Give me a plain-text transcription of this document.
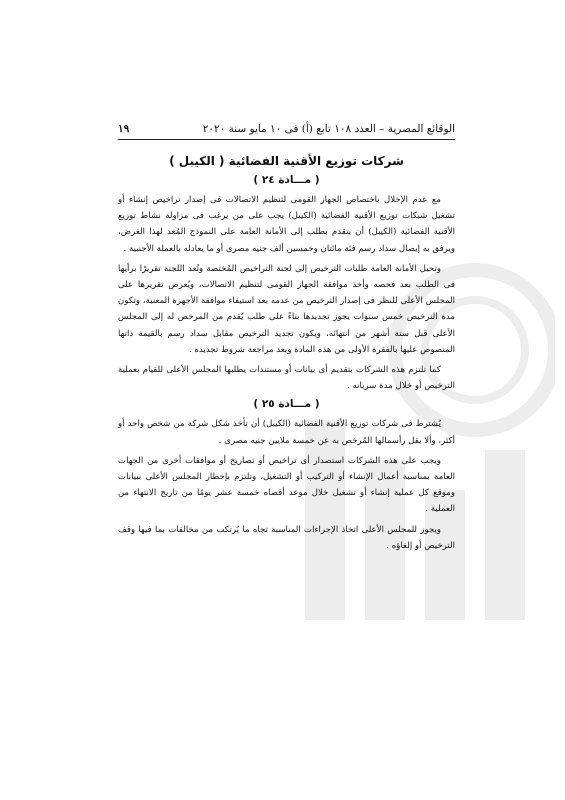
الوقائع المصرية – العدد ١٠٨ تابع (أ) فى ١٠ مايو سنة ٢٠٢٠
١٩
شركات توزيع الأقنية الفضائية ( الكيبل )
( مـــادة ٢٤ )

مع عدم الإخلال باختصاص الجهاز القومى لتنظيم الاتصالات فى إصدار تراخيص إنشاء أو تشغيل شبكات توزيع الأقنية الفضائية (الكيبل) يجب على من يرغب فى مزاولة نشاط توزيع الأقنية الفضائية (الكيبل) أن يتقدم بطلب إلى الأمانة العامة على النموذج المُعد لهذا الغرض، ويرفق به إيصال سداد رسم فئة مائتان وخمسين ألف جنيه مصرى أو ما يعادله بالعملة الأجنبية .

وتحيل الأمانة العامة طلبات الترخيص إلى لجنة التراخيص المُختصة وتُعد اللجنة تقريرًا برأيها فى الطلب بعد فحصه وأخذ موافقة الجهاز القومى لتنظيم الاتصالات، ويُعرض تقريرها على المجلس الأعلى للنظر فى إصدار الترخيص من عدمه بعد استيفاء موافقة الأجهزة المعنية، وتكون مدة الترخيص خمس سنوات يجوز تجديدها بناءً على طلب يُقدم من المرخص له إلى المجلس الأعلى قبل ستة أشهر من انتهائه، ويكون تجديد الترخيص مقابل سداد رسم بالقيمة ذاتها المنصوص عليها بالفقرة الأولى من هذه المادة وبعد مراجعة شروط تجديده .

كما تلتزم هذه الشركات بتقديم أى بيانات أو مستندات يطلبها المجلس الأعلى للقيام بعملية الترخيص أو خلال مدة سريانه .

( مـــادة ٢٥ )

يُشترط فى شركات توزيع الأقنية الفضائية (الكيبل) أن تأخذ شكل شركة من شخص واحد أو أكثر، وألا يقل رأسمالها المُرخص به عن خمسة ملايين جنيه مصرى .

ويجب على هذه الشركات استصدار أى تراخيص أو تصاريح أو موافقات أخرى من الجهات العامة بمناسبة أعمال الإنشاء أو التركيب أو التشغيل، وتلتزم بإخطار المجلس الأعلى ببيانات وموقع كل عملية إنشاء أو تشغيل خلال موعد أقصاه خمسة عشر يومًا من تاريخ الانتهاء من العملية .

ويجوز للمجلس الأعلى اتخاذ الإجراءات المناسبة تجاه ما يُرتكب من مخالفات بما فيها وقف الترخيص أو إلغاؤه .
